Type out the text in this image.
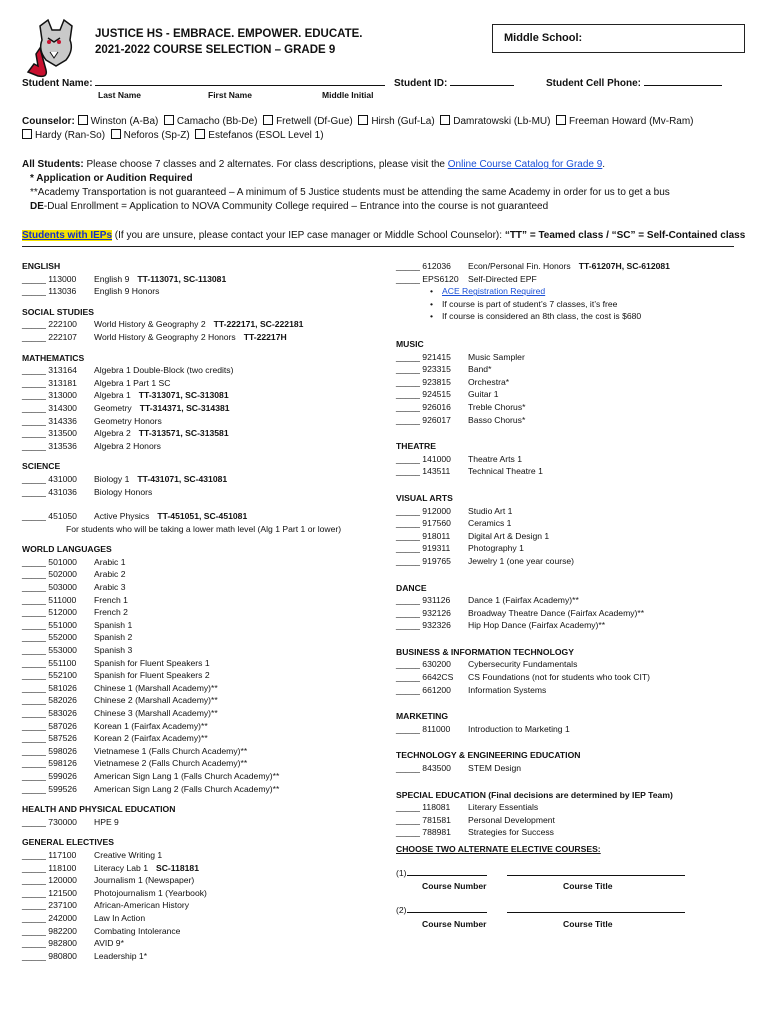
JUSTICE HS - EMBRACE. EMPOWER. EDUCATE.
2021-2022 COURSE SELECTION – GRADE 9
Middle School:
Student Name:	Student ID:	Student Cell Phone:
Last Name	First Name	Middle Initial
Counselor: Winston (A-Ba) Camacho (Bb-De) Fretwell (Df-Gue) Hirsh (Guf-La) Damratowski (Lb-MU) Freeman Howard (Mv-Ram)
Hardy (Ran-So) Neforos (Sp-Z) Estefanos (ESOL Level 1)
All Students: Please choose 7 classes and 2 alternates. For class descriptions, please visit the Online Course Catalog for Grade 9.
* Application or Audition Required
**Academy Transportation is not guaranteed – A minimum of 5 Justice students must be attending the same Academy in order for us to get a bus
DE-Dual Enrollment = Application to NOVA Community College required – Entrance into the course is not guaranteed
Students with IEPs (If you are unsure, please contact your IEP case manager or Middle School Counselor): “TT” = Teamed class / “SC” = Self-Contained class
ENGLISH
_____ 113000	English 9 TT-113071, SC-113081
_____ 113036	English 9 Honors
SOCIAL STUDIES
_____ 222100	World History & Geography 2 TT-222171, SC-222181
_____ 222107	World History & Geography 2 Honors TT-22217H
MATHEMATICS
_____ 313164	Algebra 1 Double-Block (two credits)
_____ 313181	Algebra 1 Part 1 SC
_____ 313000	Algebra 1 TT-313071, SC-313081
_____ 314300	Geometry TT-314371, SC-314381
_____ 314336	Geometry Honors
_____ 313500	Algebra 2 TT-313571, SC-313581
_____ 313536	Algebra 2 Honors
SCIENCE
_____ 431000	Biology 1 TT-431071, SC-431081
_____ 431036	Biology Honors
_____ 451050	Active Physics TT-451051, SC-451081
For students who will be taking a lower math level (Alg 1 Part 1 or lower)
WORLD LANGUAGES
_____ 501000	Arabic 1
_____ 502000	Arabic 2
_____ 503000	Arabic 3
_____ 511000	French 1
_____ 512000	French 2
_____ 551000	Spanish 1
_____ 552000	Spanish 2
_____ 553000	Spanish 3
_____ 551100	Spanish for Fluent Speakers 1
_____ 552100	Spanish for Fluent Speakers 2
_____ 581026	Chinese 1 (Marshall Academy)**
_____ 582026	Chinese 2 (Marshall Academy)**
_____ 583026	Chinese 3 (Marshall Academy)**
_____ 587026	Korean 1 (Fairfax Academy)**
_____ 587526	Korean 2 (Fairfax Academy)**
_____ 598026	Vietnamese 1 (Falls Church Academy)**
_____ 598126	Vietnamese 2 (Falls Church Academy)**
_____ 599026	American Sign Lang 1 (Falls Church Academy)**
_____ 599526	American Sign Lang 2 (Falls Church Academy)**
HEALTH AND PHYSICAL EDUCATION
_____ 730000	HPE 9
GENERAL ELECTIVES
_____ 117100	Creative Writing 1
_____ 118100	Literacy Lab 1 SC-118181
_____ 120000	Journalism 1 (Newspaper)
_____ 121500	Photojournalism 1 (Yearbook)
_____ 237100	African-American History
_____ 242000	Law In Action
_____ 982200	Combating Intolerance
_____ 982800	AVID 9*
_____ 980800	Leadership 1*
_____ 612036	Econ/Personal Fin. Honors TT-61207H, SC-612081
_____ EPS6120	Self-Directed EPF
• ACE Registration Required
• If course is part of student’s 7 classes, it’s free
• If course is considered an 8th class, the cost is $680
MUSIC
_____ 921415	Music Sampler
_____ 923315	Band*
_____ 923815	Orchestra*
_____ 924515	Guitar 1
_____ 926016	Treble Chorus*
_____ 926017	Basso Chorus*
THEATRE
_____ 141000	Theatre Arts 1
_____ 143511	Technical Theatre 1
VISUAL ARTS
_____ 912000	Studio Art 1
_____ 917560	Ceramics 1
_____ 918011	Digital Art & Design 1
_____ 919311	Photography 1
_____ 919765	Jewelry 1 (one year course)
DANCE
_____ 931126	Dance 1 (Fairfax Academy)**
_____ 932126	Broadway Theatre Dance (Fairfax Academy)**
_____ 932326	Hip Hop Dance (Fairfax Academy)**
BUSINESS & INFORMATION TECHNOLOGY
_____ 630200	Cybersecurity Fundamentals
_____ 6642CS	CS Foundations (not for students who took CIT)
_____ 661200	Information Systems
MARKETING
_____ 811000	Introduction to Marketing 1
TECHNOLOGY & ENGINEERING EDUCATION
_____ 843500	STEM Design
SPECIAL EDUCATION (Final decisions are determined by IEP Team)
_____ 118081	Literary Essentials
_____ 781581	Personal Development
_____ 788981	Strategies for Success
CHOOSE TWO ALTERNATE ELECTIVE COURSES:
(1)
Course Number	Course Title
(2)
Course Number	Course Title
